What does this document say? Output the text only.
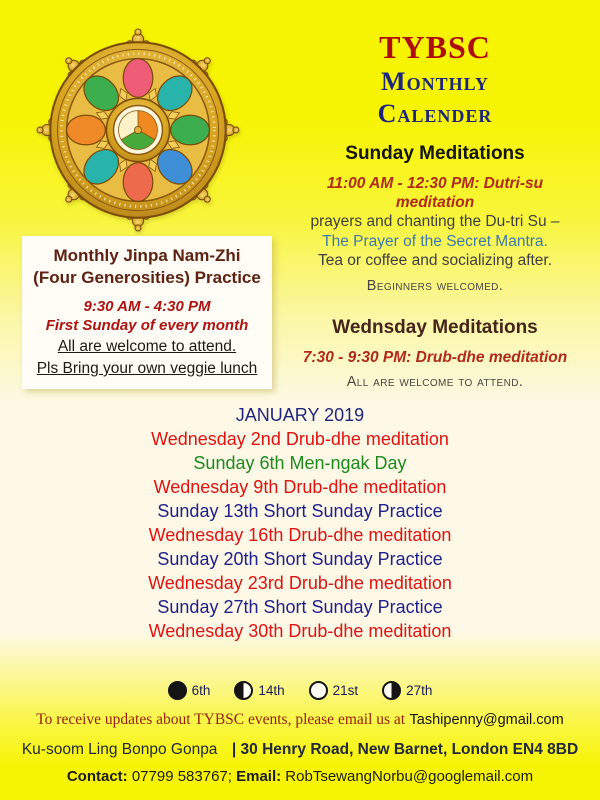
TYBSC
Monthly
Calender
Sunday Meditations
11:00 AM - 12:30 PM: Dutri-su meditation
prayers and chanting the Du-tri Su –
The Prayer of the Secret Mantra.
Tea or coffee and socializing after.
Beginners welcomed.
Wednsday Meditations
7:30 - 9:30 PM: Drub-dhe meditation
All are welcome to attend.
Monthly Jinpa Nam-Zhi
(Four Generosities) Practice
9:30 AM - 4:30 PM
First Sunday of every month
All are welcome to attend.
Pls Bring your own veggie lunch
JANUARY 2019
Wednesday 2nd Drub-dhe meditation
Sunday 6th Men-ngak Day
Wednesday 9th Drub-dhe meditation
Sunday 13th Short Sunday Practice
Wednesday 16th Drub-dhe meditation
Sunday 20th Short Sunday Practice
Wednesday 23rd Drub-dhe meditation
Sunday 27th Short Sunday Practice
Wednesday 30th Drub-dhe meditation
6th	14th	21st	27th
To receive updates about TYBSC events, please email us at Tashipenny@gmail.com
Ku-soom Ling Bonpo Gonpa | 30 Henry Road, New Barnet, London EN4 8BD
Contact: 07799 583767; Email: RobTsewangNorbu@googlemail.com
